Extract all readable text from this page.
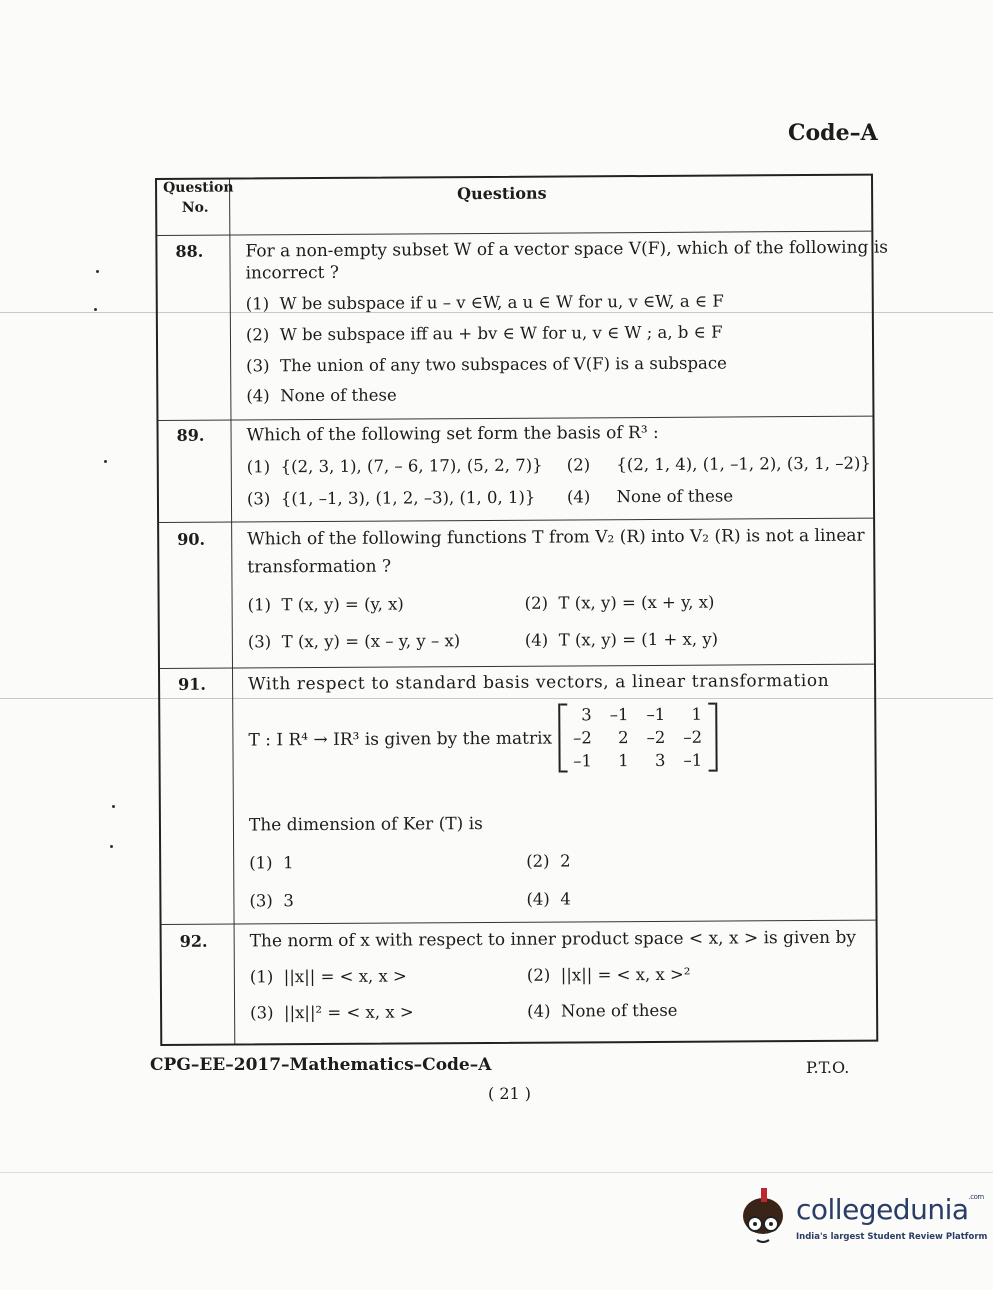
Code–A
Question
No.
Questions
88. For a non-empty subset W of a vector space V(F), which of the following is
incorrect ?
(1) W be subspace if u – v ∈W, a u ∈ W for u, v ∈W, a ∈ F
(2) W be subspace iff au + bv ∈ W for u, v ∈ W ; a, b ∈ F
(3) The union of any two subspaces of V(F) is a subspace
(4) None of these
89. Which of the following set form the basis of R³ :
(1) {(2, 3, 1), (7, – 6, 17), (5, 2, 7)} (2) {(2, 1, 4), (1, –1, 2), (3, 1, –2)}
(3) {(1, –1, 3), (1, 2, –3), (1, 0, 1)} (4) None of these
90. Which of the following functions T from V₂ (R) into V₂ (R) is not a linear
transformation ?
(1) T (x, y) = (y, x)	(2) T (x, y) = (x + y, x)
(3) T (x, y) = (x – y, y – x)	(4) T (x, y) = (1 + x, y)
91. With respect to standard basis vectors, a linear transformation
T : I R⁴ → IR³ is given by the matrix
3	–1	–1	1
–2	2	–2	–2
–1	1	3	–1
The dimension of Ker (T) is
(1) 1	(2) 2
(3) 3	(4) 4
92. The norm of x with respect to inner product space < x, x > is given by
(1) ||x|| = < x, x >	(2) ||x|| = < x, x >²
(3) ||x||² = < x, x >	(4) None of these
CPG–EE–2017–Mathematics–Code–A	P.T.O.
( 21 )
collegedunia$^{.com}$
India's largest Student Review Platform
